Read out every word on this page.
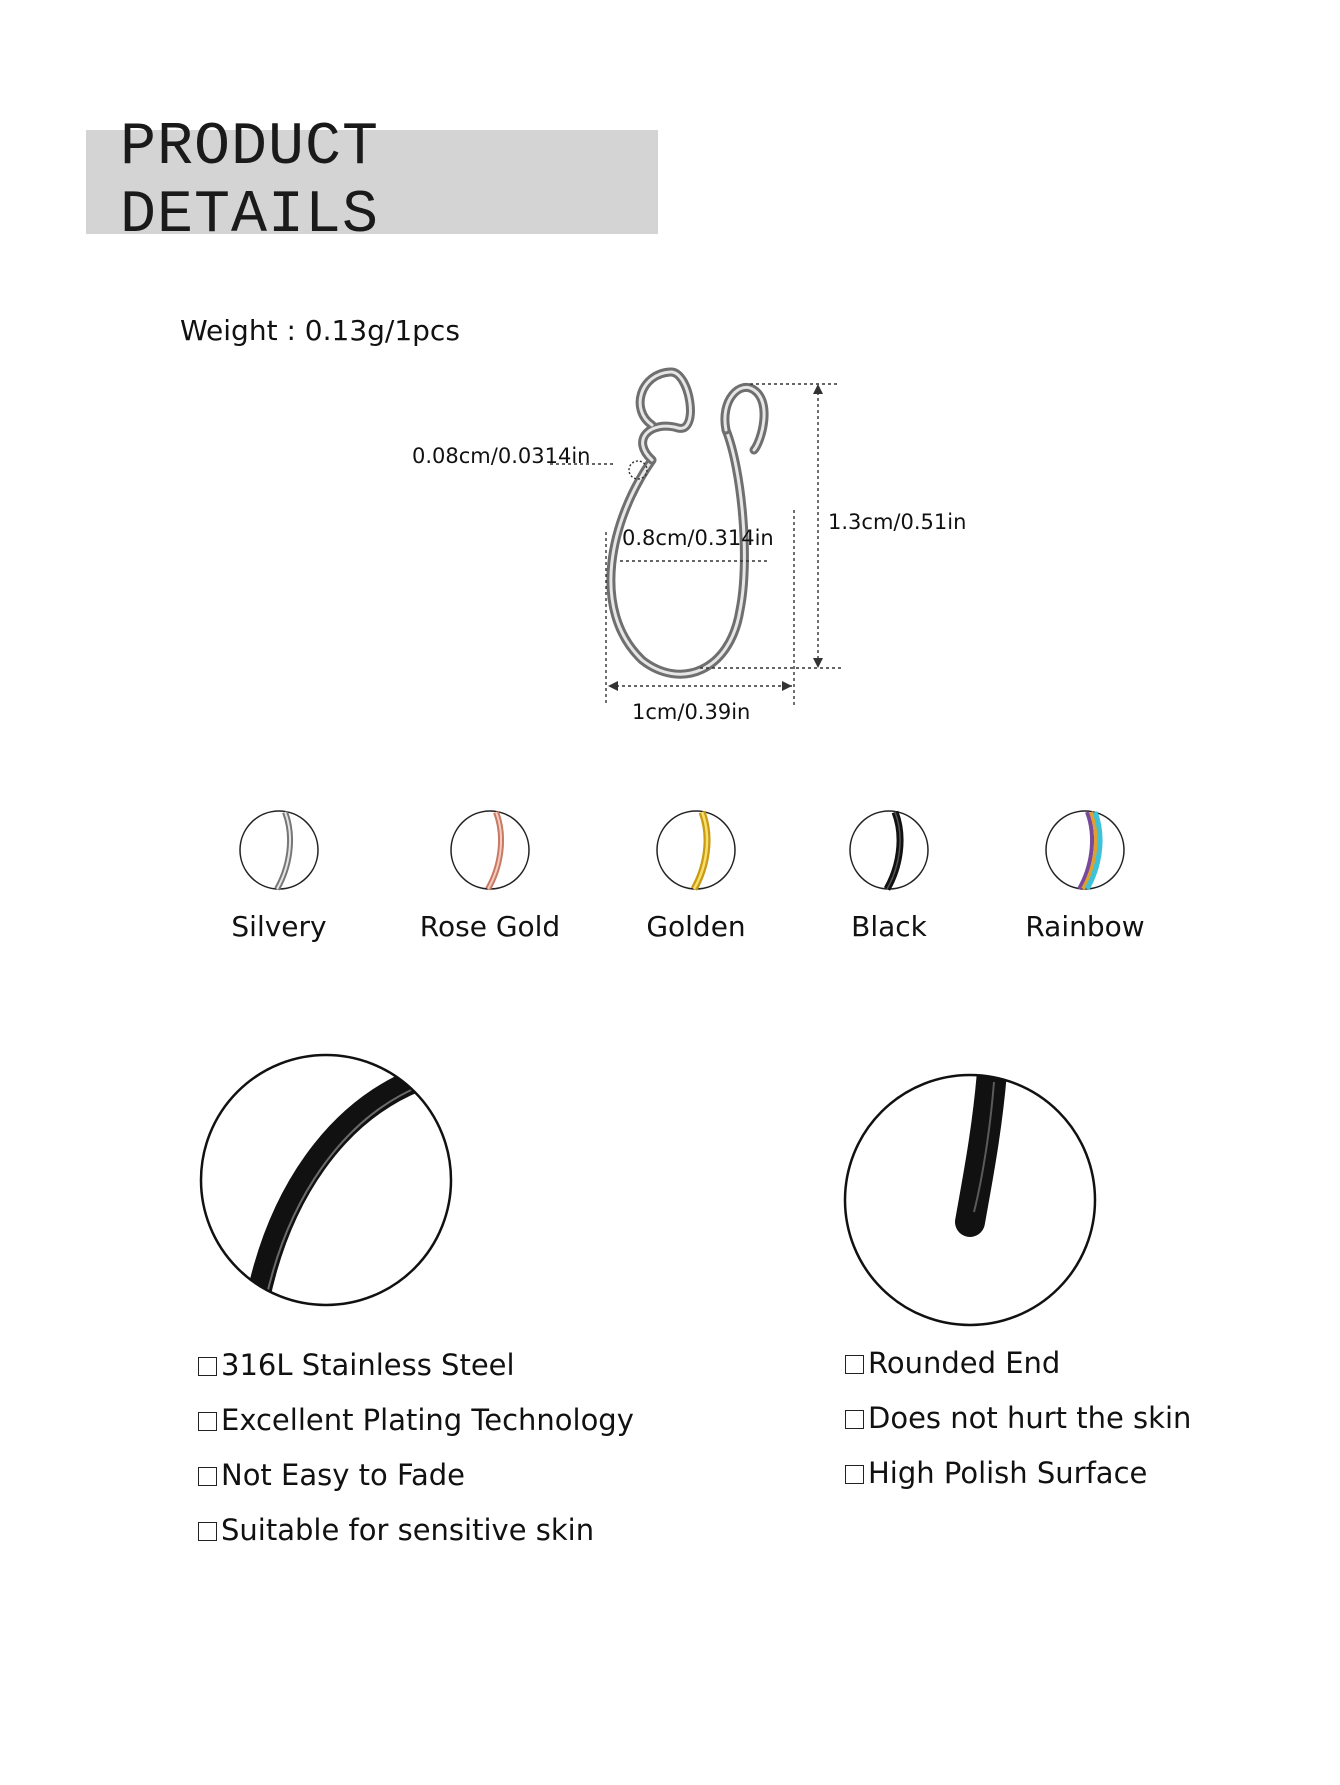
PRODUCT DETAILS
Weight : 0.13g/1pcs
0.08cm/0.0314in
0.8cm/0.314in
1.3cm/0.51in
1cm/0.39in
Silvery	Rose Gold	Golden	Black	Rainbow
316L Stainless Steel
Excellent Plating Technology
Not Easy to Fade
Suitable for sensitive skin
Rounded End
Does not hurt the skin
High Polish Surface
